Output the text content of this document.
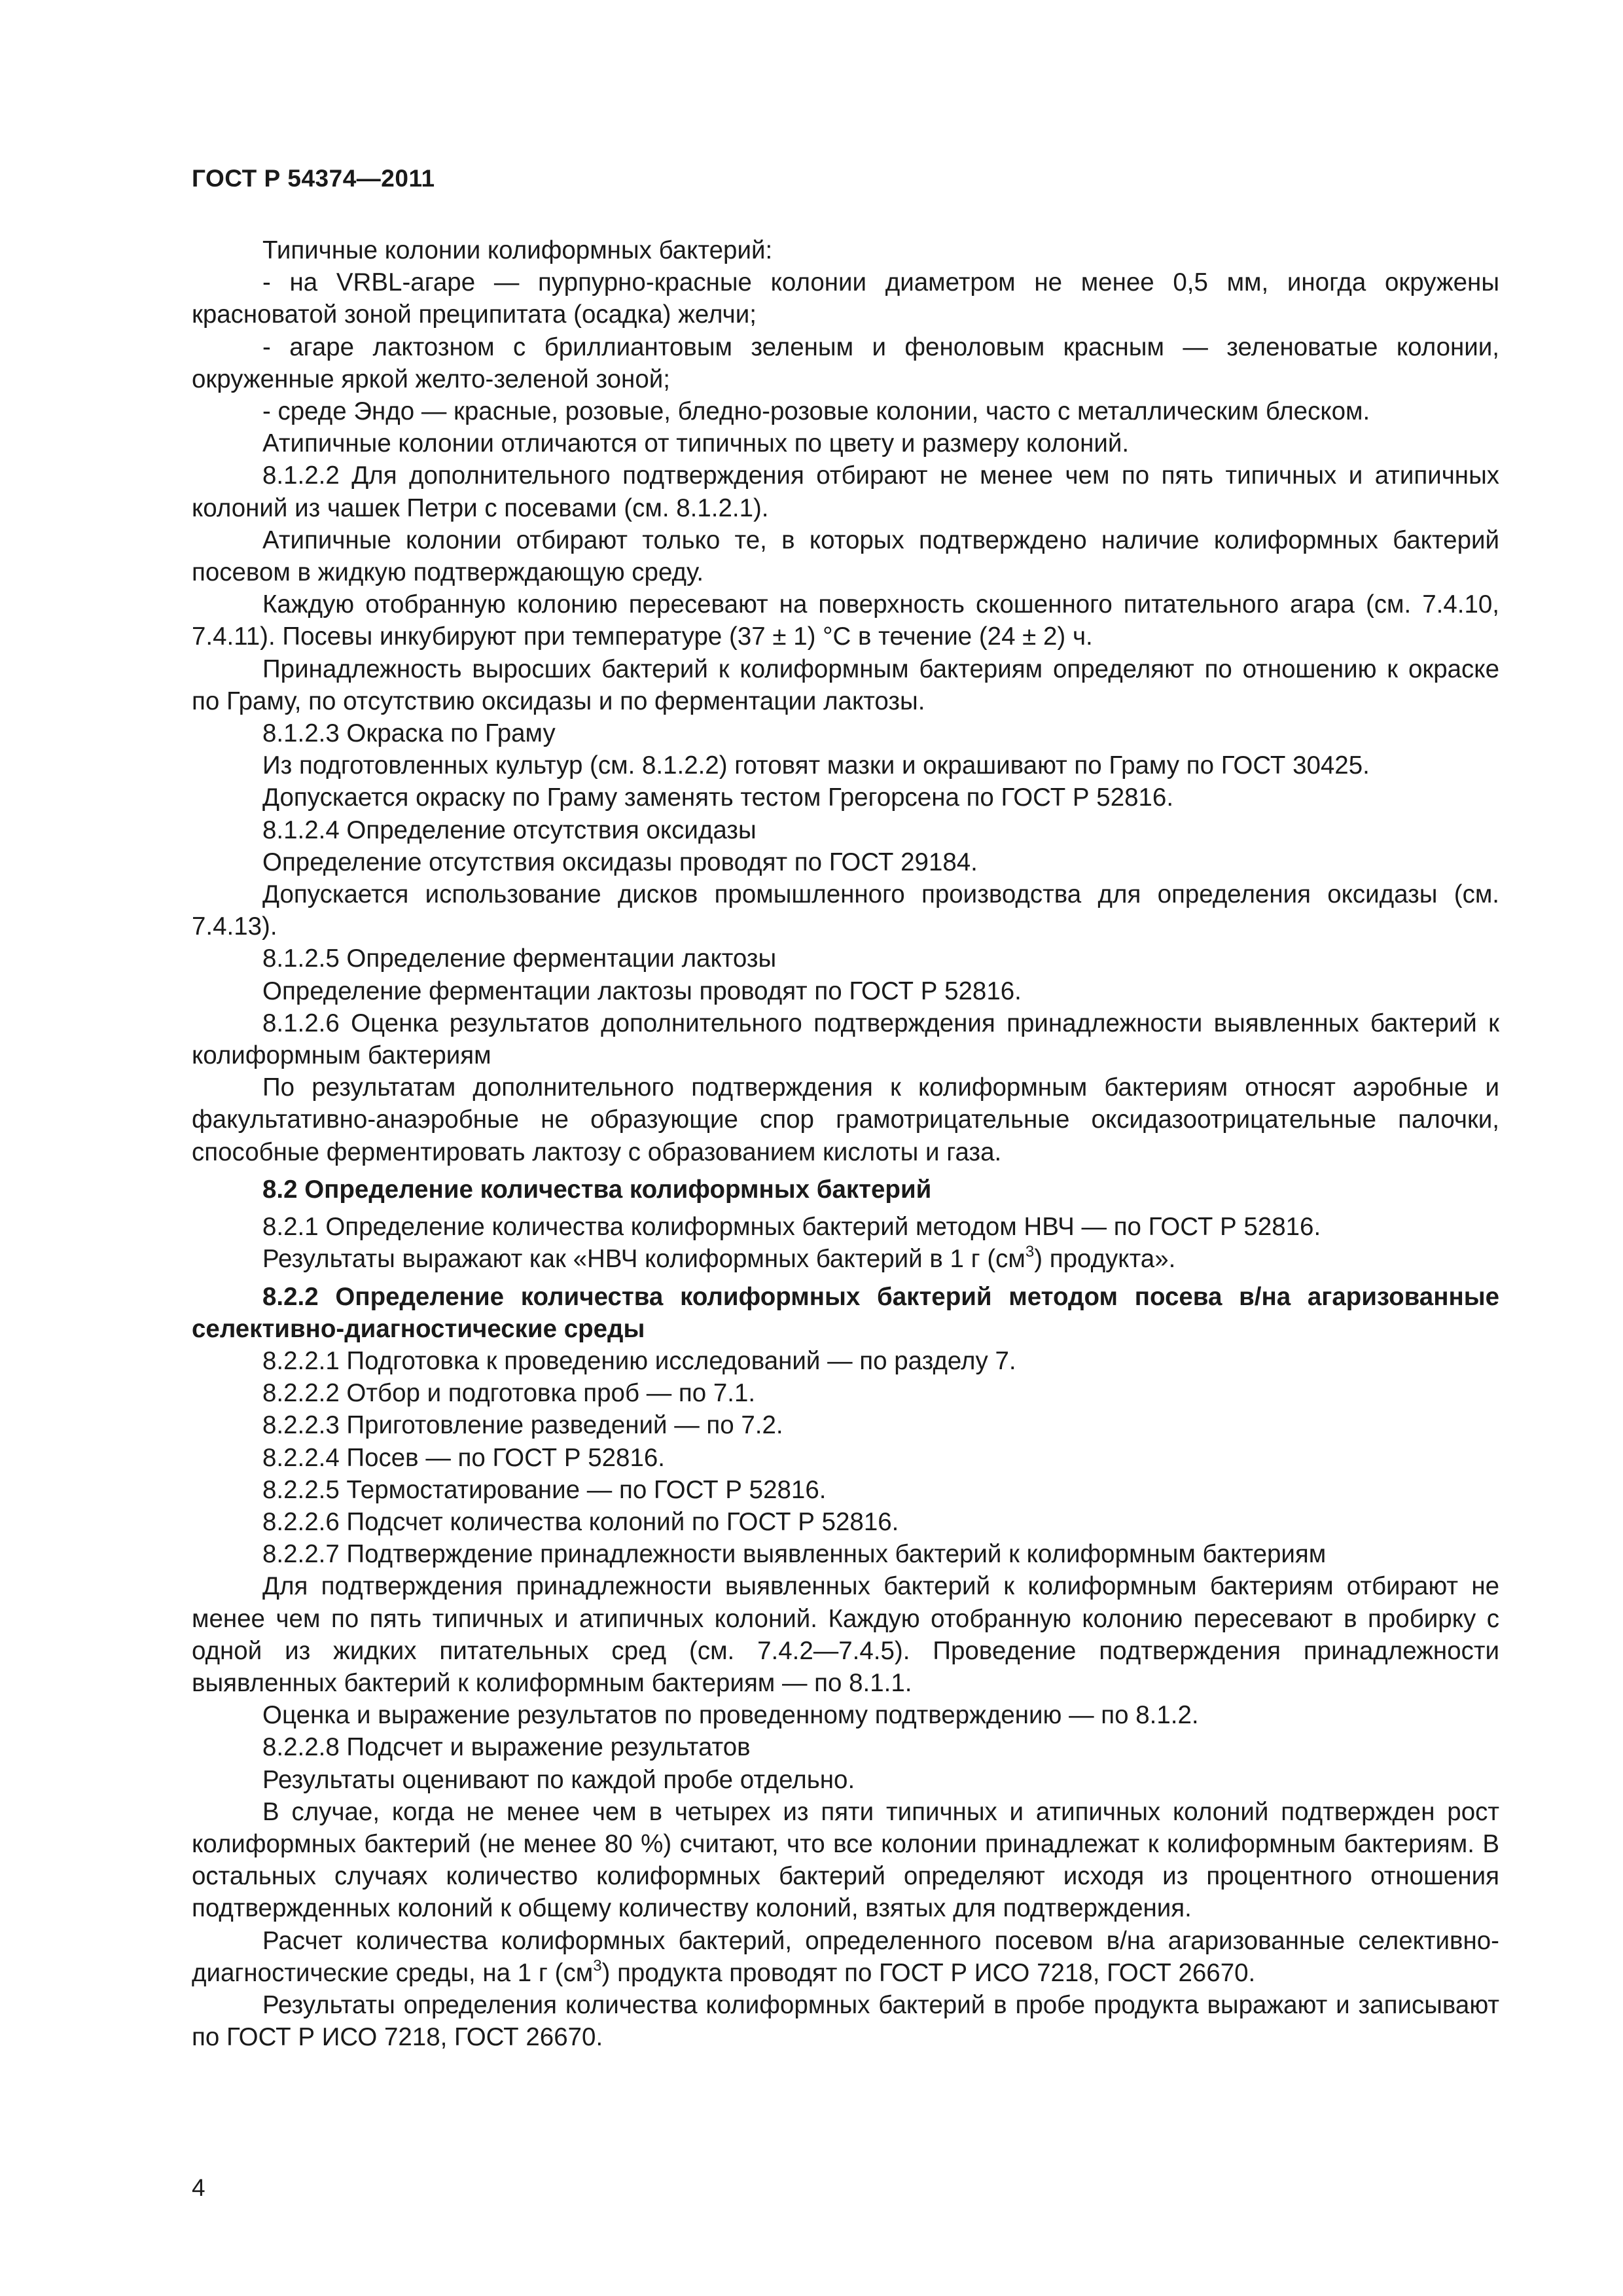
ГОСТ Р 54374—2011

Типичные колонии колиформных бактерий:

- на VRBL-агаре — пурпурно-красные колонии диаметром не менее 0,5 мм, иногда окружены красноватой зоной преципитата (осадка) желчи;

- агаре лактозном с бриллиантовым зеленым и феноловым красным — зеленоватые колонии, окруженные яркой желто-зеленой зоной;

- среде Эндо — красные, розовые, бледно-розовые колонии, часто с металлическим блеском.

Атипичные колонии отличаются от типичных по цвету и размеру колоний.

8.1.2.2 Для дополнительного подтверждения отбирают не менее чем по пять типичных и атипичных колоний из чашек Петри с посевами (см. 8.1.2.1).

Атипичные колонии отбирают только те, в которых подтверждено наличие колиформных бактерий посевом в жидкую подтверждающую среду.

Каждую отобранную колонию пересевают на поверхность скошенного питательного агара (см. 7.4.10, 7.4.11). Посевы инкубируют при температуре (37 ± 1) °С в течение (24 ± 2) ч.

Принадлежность выросших бактерий к колиформным бактериям определяют по отношению к окраске по Граму, по отсутствию оксидазы и по ферментации лактозы.

8.1.2.3 Окраска по Граму

Из подготовленных культур (см. 8.1.2.2) готовят мазки и окрашивают по Граму по ГОСТ 30425.

Допускается окраску по Граму заменять тестом Грегорсена по ГОСТ Р 52816.

8.1.2.4 Определение отсутствия оксидазы

Определение отсутствия оксидазы проводят по ГОСТ 29184.

Допускается использование дисков промышленного производства для определения оксидазы (см. 7.4.13).

8.1.2.5 Определение ферментации лактозы

Определение ферментации лактозы проводят по ГОСТ Р 52816.

8.1.2.6 Оценка результатов дополнительного подтверждения принадлежности выявленных бактерий к колиформным бактериям

По результатам дополнительного подтверждения к колиформным бактериям относят аэробные и факультативно-анаэробные не образующие спор грамотрицательные оксидазоотрицательные палочки, способные ферментировать лактозу с образованием кислоты и газа.

8.2 Определение количества колиформных бактерий

8.2.1 Определение количества колиформных бактерий методом НВЧ — по ГОСТ Р 52816.

Результаты выражают как «НВЧ колиформных бактерий в 1 г $(см^3)$ продукта».

8.2.2 Определение количества колиформных бактерий методом посева в/на агаризованные селективно-диагностические среды

8.2.2.1 Подготовка к проведению исследований — по разделу 7.

8.2.2.2 Отбор и подготовка проб — по 7.1.

8.2.2.3 Приготовление разведений — по 7.2.

8.2.2.4 Посев — по ГОСТ Р 52816.

8.2.2.5 Термостатирование — по ГОСТ Р 52816.

8.2.2.6 Подсчет количества колоний по ГОСТ Р 52816.

8.2.2.7 Подтверждение принадлежности выявленных бактерий к колиформным бактериям

Для подтверждения принадлежности выявленных бактерий к колиформным бактериям отбирают не менее чем по пять типичных и атипичных колоний. Каждую отобранную колонию пересевают в пробирку с одной из жидких питательных сред (см. 7.4.2—7.4.5). Проведение подтверждения принадлежности выявленных бактерий к колиформным бактериям — по 8.1.1.

Оценка и выражение результатов по проведенному подтверждению — по 8.1.2.

8.2.2.8 Подсчет и выражение результатов

Результаты оценивают по каждой пробе отдельно.

В случае, когда не менее чем в четырех из пяти типичных и атипичных колоний подтвержден рост колиформных бактерий (не менее 80 %) считают, что все колонии принадлежат к колиформным бактериям. В остальных случаях количество колиформных бактерий определяют исходя из процентного отношения подтвержденных колоний к общему количеству колоний, взятых для подтверждения.

Расчет количества колиформных бактерий, определенного посевом в/на агаризованные селективно-диагностические среды, на 1 г $(см^3)$ продукта проводят по ГОСТ Р ИСО 7218, ГОСТ 26670.

Результаты определения количества колиформных бактерий в пробе продукта выражают и записывают по ГОСТ Р ИСО 7218, ГОСТ 26670.

4
